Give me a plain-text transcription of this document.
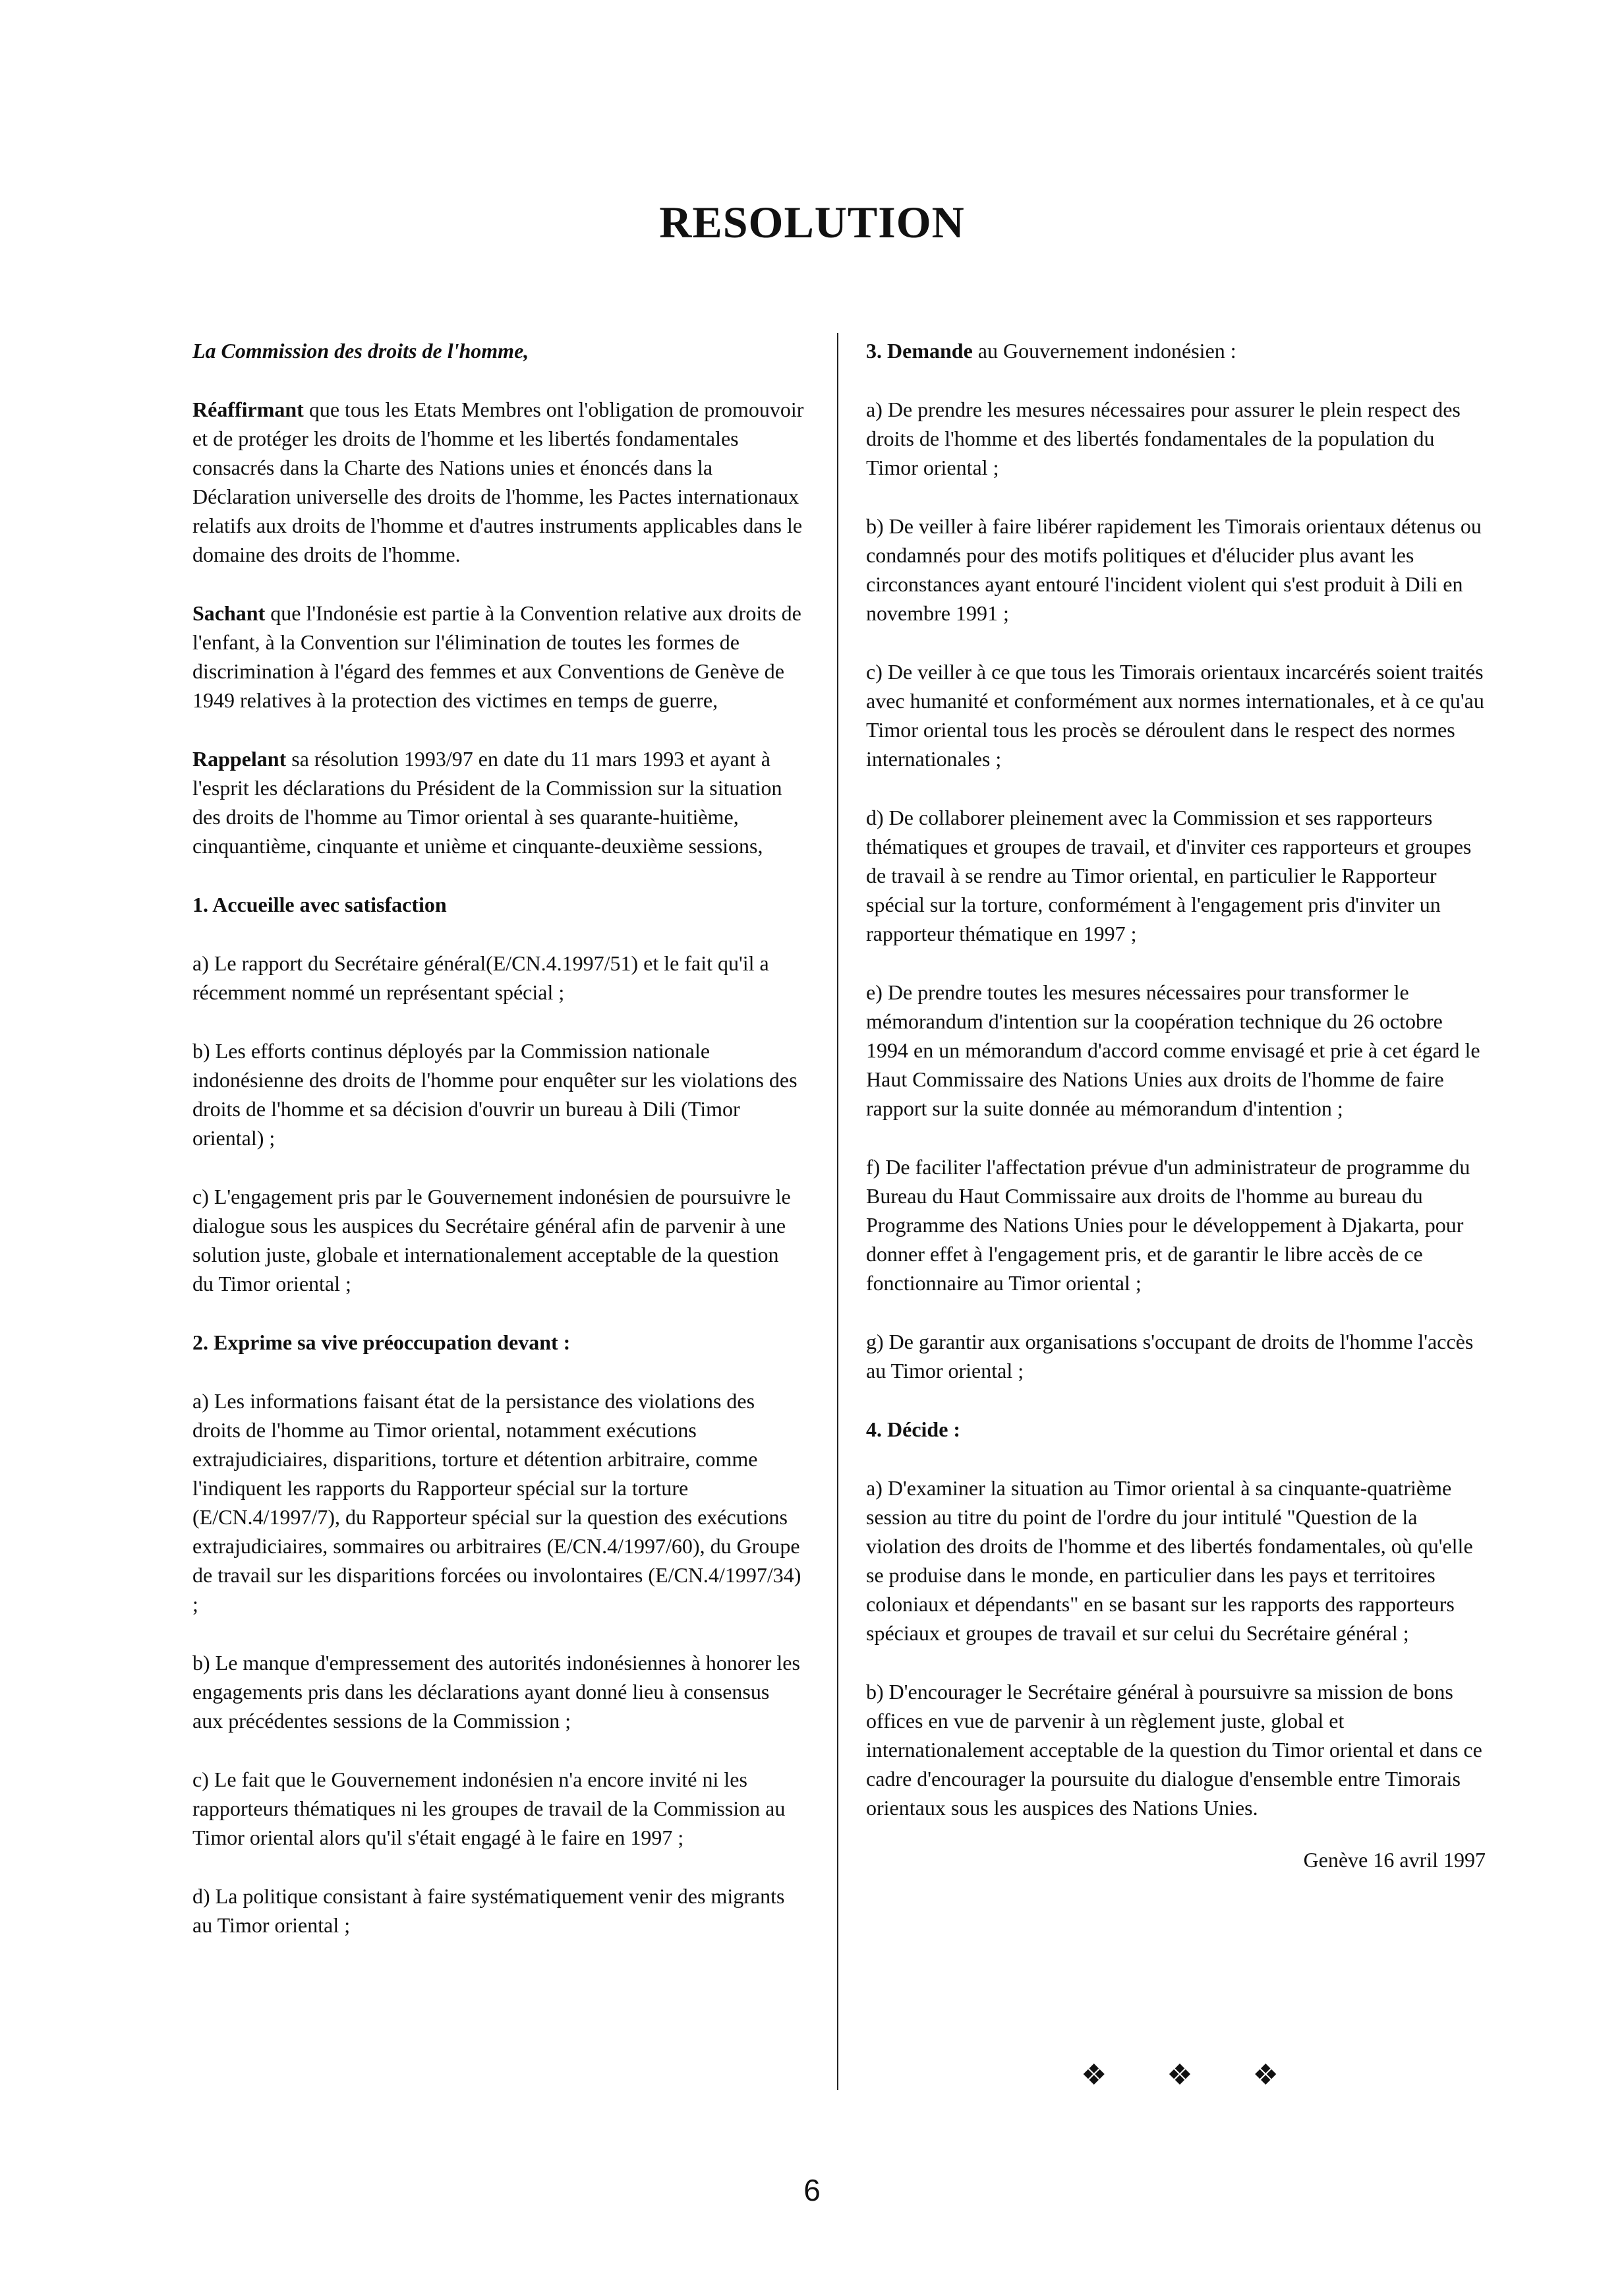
RESOLUTION

La Commission des droits de l'homme,

Réaffirmant que tous les Etats Membres ont l'obligation de promouvoir et de protéger les droits de l'homme et les libertés fondamentales consacrés dans la Charte des Nations unies et énoncés dans la Déclaration universelle des droits de l'homme, les Pactes internationaux relatifs aux droits de l'homme et d'autres instruments applicables dans le domaine des droits de l'homme.

Sachant que l'Indonésie est partie à la Convention relative aux droits de l'enfant, à la Convention sur l'élimination de toutes les formes de discrimination à l'égard des femmes et aux Conventions de Genève de 1949 relatives à la protection des victimes en temps de guerre,

Rappelant sa résolution 1993/97 en date du 11 mars 1993 et ayant à l'esprit les déclarations du Président de la Commission sur la situation des droits de l'homme au Timor oriental à ses quarante-huitième, cinquantième, cinquante et unième et cinquante-deuxième sessions,

1. Accueille avec satisfaction

a) Le rapport du Secrétaire général(E/CN.4.1997/51) et le fait qu'il a récemment nommé un représentant spécial ;

b) Les efforts continus déployés par la Commission nationale indonésienne des droits de l'homme pour enquêter sur les violations des droits de l'homme et sa décision d'ouvrir un bureau à Dili (Timor oriental) ;

c) L'engagement pris par le Gouvernement indonésien de poursuivre le dialogue sous les auspices du Secrétaire général afin de parvenir à une solution juste, globale et internationalement acceptable de la question du Timor oriental ;

2. Exprime sa vive préoccupation devant :

a) Les informations faisant état de la persistance des violations des droits de l'homme au Timor oriental, notamment exécutions extrajudiciaires, disparitions, torture et détention arbitraire, comme l'indiquent les rapports du Rapporteur spécial sur la torture (E/CN.4/1997/7), du Rapporteur spécial sur la question des exécutions extrajudiciaires, sommaires ou arbitraires (E/CN.4/1997/60), du Groupe de travail sur les disparitions forcées ou involontaires (E/CN.4/1997/34) ;

b) Le manque d'empressement des autorités indonésiennes à honorer les engagements pris dans les déclarations ayant donné lieu à consensus aux précédentes sessions de la Commission ;

c) Le fait que le Gouvernement indonésien n'a encore invité ni les rapporteurs thématiques ni les groupes de travail de la Commission au Timor oriental alors qu'il s'était engagé à le faire en 1997 ;

d) La politique consistant à faire systématiquement venir des migrants au Timor oriental ;

3. Demande au Gouvernement indonésien :

a) De prendre les mesures nécessaires pour assurer le plein respect des droits de l'homme et des libertés fondamentales de la population du Timor oriental ;

b) De veiller à faire libérer rapidement les Timorais orientaux détenus ou condamnés pour des motifs politiques et d'élucider plus avant les circonstances ayant entouré l'incident violent qui s'est produit à Dili en novembre 1991 ;

c) De veiller à ce que tous les Timorais orientaux incarcérés soient traités avec humanité et conformément aux normes internationales, et à ce qu'au Timor oriental tous les procès se déroulent dans le respect des normes internationales ;

d) De collaborer pleinement avec la Commission et ses rapporteurs thématiques et groupes de travail, et d'inviter ces rapporteurs et groupes de travail à se rendre au Timor oriental, en particulier le Rapporteur spécial sur la torture, conformément à l'engagement pris d'inviter un rapporteur thématique en 1997 ;

e) De prendre toutes les mesures nécessaires pour transformer le mémorandum d'intention sur la coopération technique du 26 octobre 1994 en un mémorandum d'accord comme envisagé et prie à cet égard le Haut Commissaire des Nations Unies aux droits de l'homme de faire rapport sur la suite donnée au mémorandum d'intention ;

f) De faciliter l'affectation prévue d'un administrateur de programme du Bureau du Haut Commissaire aux droits de l'homme au bureau du Programme des Nations Unies pour le développement à Djakarta, pour donner effet à l'engagement pris, et de garantir le libre accès de ce fonctionnaire au Timor oriental ;

g) De garantir aux organisations s'occupant de droits de l'homme l'accès au Timor oriental ;

4. Décide :

a) D'examiner la situation au Timor oriental à sa cinquante-quatrième session au titre du point de l'ordre du jour intitulé "Question de la violation des droits de l'homme et des libertés fondamentales, où qu'elle se produise dans le monde, en particulier dans les pays et territoires coloniaux et dépendants" en se basant sur les rapports des rapporteurs spéciaux et groupes de travail et sur celui du Secrétaire général ;

b) D'encourager le Secrétaire général à poursuivre sa mission de bons offices en vue de parvenir à un règlement juste, global et internationalement acceptable de la question du Timor oriental et dans ce cadre d'encourager la poursuite du dialogue d'ensemble entre Timorais orientaux sous les auspices des Nations Unies.

Genève 16 avril 1997

❖ ❖ ❖
6
